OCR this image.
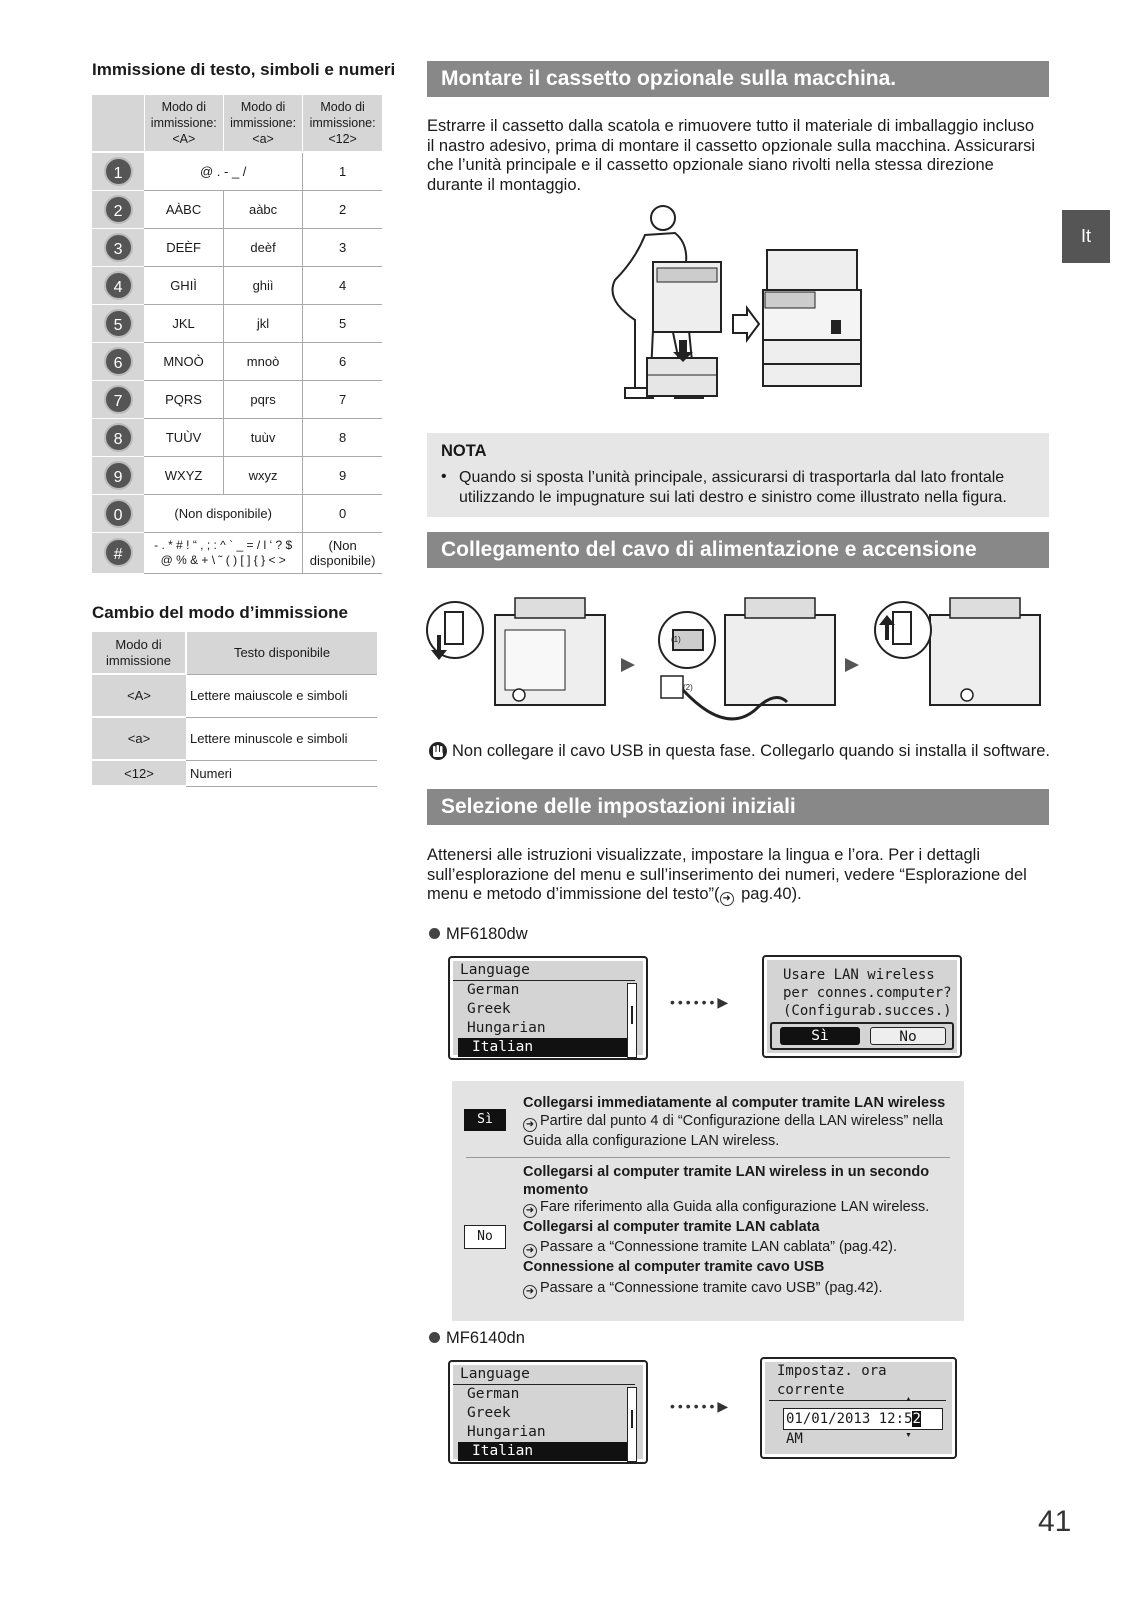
Immissione di testo, simboli e numeri
	Modo di immissione: <A>	Modo di immissione: <a>	Modo di immissione: <12>
1	@ . - _ /		1
2	AÀBC	aàbc	2
3	DEÈF	deèf	3
4	GHIÌ	ghiì	4
5	JKL	jkl	5
6	MNOÒ	mnoò	6
7	PQRS	pqrs	7
8	TUÙV	tuùv	8
9	WXYZ	wxyz	9
0	(Non disponibile)		0
#	- . * # ! “ , ; : ^ ` _ = / l ‘ ? $ @ % & + \ ˜ ( ) [ ] { } < >		(Non disponibile)
Cambio del modo d’immissione
Modo di immissione	Testo disponibile
<A>	Lettere maiuscole e simboli
<a>	Lettere minuscole e simboli
<12>	Numeri
It
Montare il cassetto opzionale sulla macchina.
Estrarre il cassetto dalla scatola e rimuovere tutto il materiale di imballaggio incluso il nastro adesivo, prima di montare il cassetto opzionale sulla macchina. Assicurarsi che l’unità principale e il cassetto opzionale siano rivolti nella stessa direzione durante il montaggio.
NOTA
• Quando si sposta l’unità principale, assicurarsi di trasportarla dal lato frontale utilizzando le impugnature sui lati destro e sinistro come illustrato nella figura.
Collegamento del cavo di alimentazione e accensione
(1)
(2)
Non collegare il cavo USB in questa fase. Collegarlo quando si installa il software.
Selezione delle impostazioni iniziali
Attenersi alle istruzioni visualizzate, impostare la lingua e l’ora. Per i dettagli sull’esplorazione del menu e sull’inserimento dei numeri, vedere “Esplorazione del menu e metodo d’immissione del testo”( ➜ pag.40).
MF6180dw
Language
German
Greek
Hungarian
Italian
••••••▶
Usare LAN wireless
per connes.computer?
(Configurab.succes.)
Sì	No
Sì
Collegarsi immediatamente al computer tramite LAN wireless
➜ Partire dal punto 4 di “Configurazione della LAN wireless” nella Guida alla configurazione LAN wireless.
No
Collegarsi al computer tramite LAN wireless in un secondo momento
➜ Fare riferimento alla Guida alla configurazione LAN wireless.
Collegarsi al computer tramite LAN cablata
➜ Passare a “Connessione tramite LAN cablata” (pag.42).
Connessione al computer tramite cavo USB
➜ Passare a “Connessione tramite cavo USB” (pag.42).
MF6140dn
Language
German
Greek
Hungarian
Italian
••••••▶
Impostaz. ora corrente
▲
01/01/2013 12:52 AM	▼
41
